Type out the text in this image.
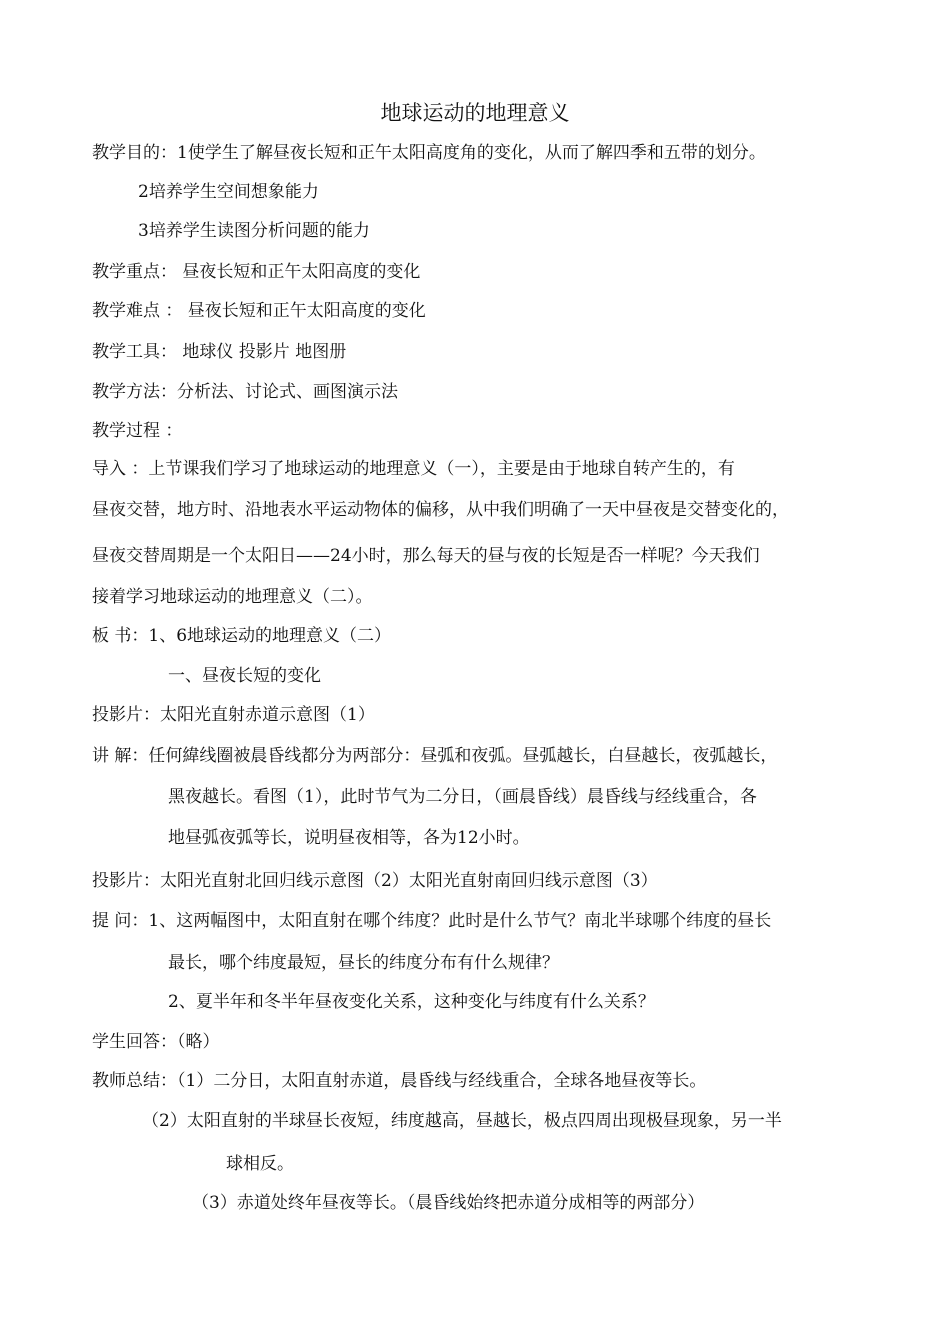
地球运动的地理意义
教学目的：1使学生了解昼夜长短和正午太阳高度角的变化，从而了解四季和五带的划分。
2培养学生空间想象能力
3培养学生读图分析问题的能力
教学重点： 昼夜长短和正午太阳高度的变化
教学难点 ： 昼夜长短和正午太阳高度的变化
教学工具： 地球仪 投影片 地图册
教学方法：分析法、讨论式、画图演示法
教学过程 ：
导入 ：上节课我们学习了地球运动的地理意义（一），主要是由于地球自转产生的，有
昼夜交替，地方时、沿地表水平运动物体的偏移，从中我们明确了一天中昼夜是交替变化的，
昼夜交替周期是一个太阳日——24小时，那么每天的昼与夜的长短是否一样呢？今天我们
接着学习地球运动的地理意义（二）。
板 书：1、6地球运动的地理意义（二）
一、昼夜长短的变化
投影片：太阳光直射赤道示意图（1）
讲 解：任何緯线圈被晨昏线都分为两部分：昼弧和夜弧。昼弧越长，白昼越长，夜弧越长，
黑夜越长。看图（1），此时节气为二分日，（画晨昏线）晨昏线与经线重合，各
地昼弧夜弧等长，说明昼夜相等，各为12小时。
投影片：太阳光直射北回归线示意图（2）太阳光直射南回归线示意图（3）
提 问：1、这两幅图中，太阳直射在哪个纬度？此时是什么节气？南北半球哪个纬度的昼长
最长，哪个纬度最短，昼长的纬度分布有什么规律？
2、夏半年和冬半年昼夜变化关系，这种变化与纬度有什么关系？
学生回答：（略）
教师总结：（1）二分日，太阳直射赤道，晨昏线与经线重合，全球各地昼夜等长。
（2）太阳直射的半球昼长夜短，纬度越高，昼越长，极点四周出现极昼现象，另一半
球相反。
（3）赤道处终年昼夜等长。（晨昏线始终把赤道分成相等的两部分）
